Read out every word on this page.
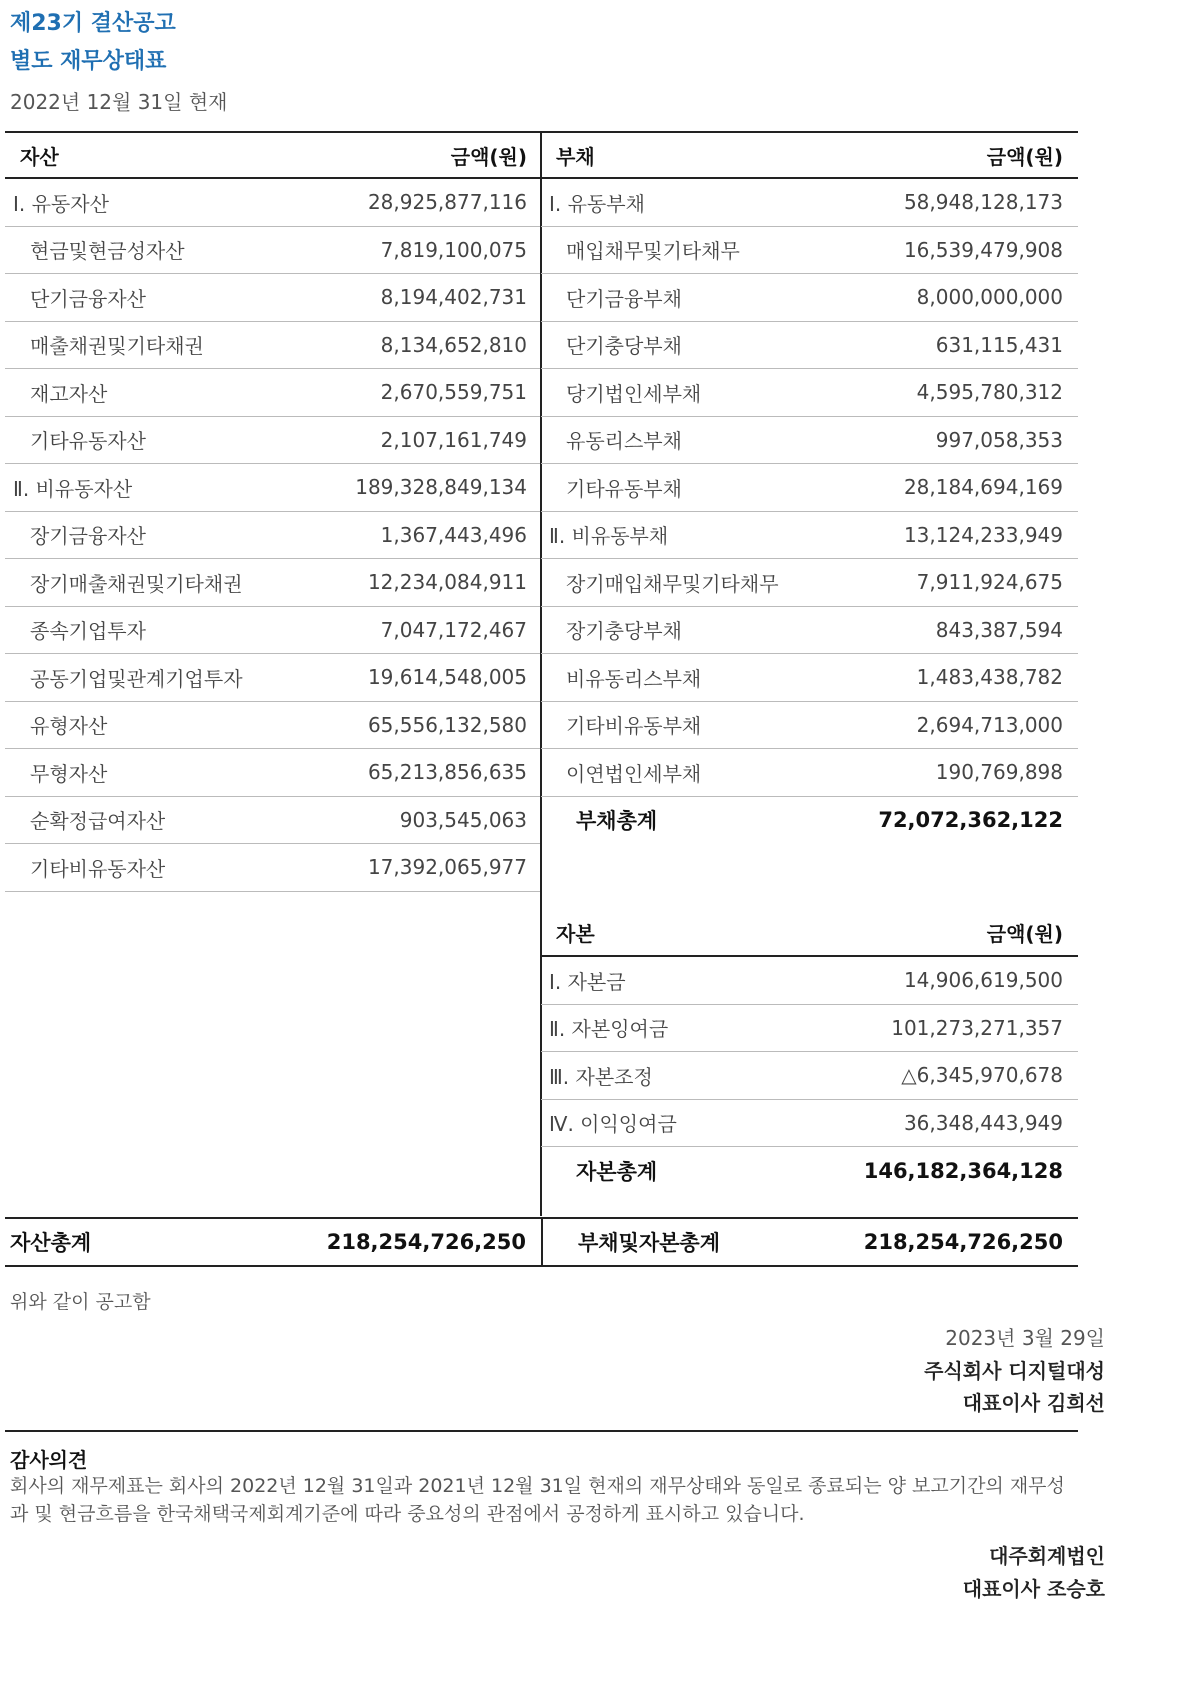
제23기 결산공고
별도 재무상태표
2022년 12월 31일 현재
자산	금액(원)
Ⅰ. 유동자산	28,925,877,116
현금및현금성자산	7,819,100,075
단기금융자산	8,194,402,731
매출채권및기타채권	8,134,652,810
재고자산	2,670,559,751
기타유동자산	2,107,161,749
Ⅱ. 비유동자산	189,328,849,134
장기금융자산	1,367,443,496
장기매출채권및기타채권	12,234,084,911
종속기업투자	7,047,172,467
공동기업및관계기업투자	19,614,548,005
유형자산	65,556,132,580
무형자산	65,213,856,635
순확정급여자산	903,545,063
기타비유동자산	17,392,065,977
부채	금액(원)
Ⅰ. 유동부채	58,948,128,173
매입채무및기타채무	16,539,479,908
단기금융부채	8,000,000,000
단기충당부채	631,115,431
당기법인세부채	4,595,780,312
유동리스부채	997,058,353
기타유동부채	28,184,694,169
Ⅱ. 비유동부채	13,124,233,949
장기매입채무및기타채무	7,911,924,675
장기충당부채	843,387,594
비유동리스부채	1,483,438,782
기타비유동부채	2,694,713,000
이연법인세부채	190,769,898
부채총계	72,072,362,122
자본	금액(원)
Ⅰ. 자본금	14,906,619,500
Ⅱ. 자본잉여금	101,273,271,357
Ⅲ. 자본조정	△6,345,970,678
Ⅳ. 이익잉여금	36,348,443,949
자본총계	146,182,364,128
자산총계	218,254,726,250	부채및자본총계	218,254,726,250
위와 같이 공고함
2023년 3월 29일
주식회사 디지털대성
대표이사 김희선
감사의견
회사의 재무제표는 회사의 2022년 12월 31일과 2021년 12월 31일 현재의 재무상태와 동일로 종료되는 양 보고기간의 재무성과 및 현금흐름을 한국채택국제회계기준에 따라 중요성의 관점에서 공정하게 표시하고 있습니다.
대주회계법인
대표이사 조승호
